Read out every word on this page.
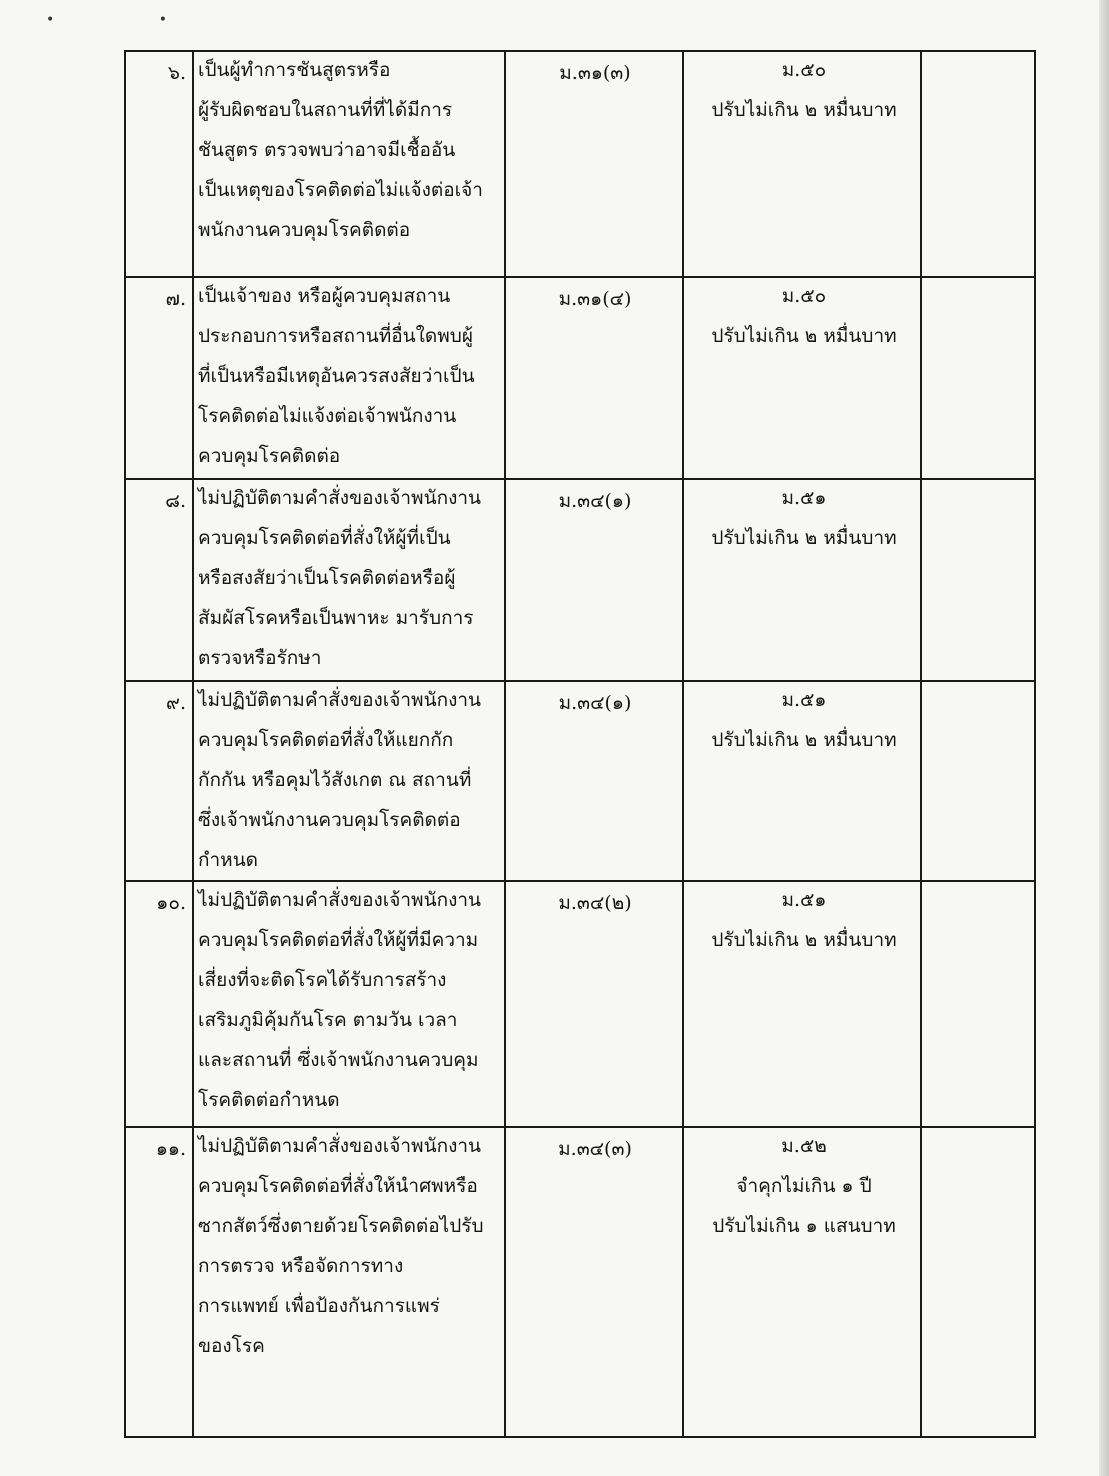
• •
๖. เป็นผู้ทำการชันสูตรหรือ
ผู้รับผิดชอบในสถานที่ที่ได้มีการ
ชันสูตร ตรวจพบว่าอาจมีเชื้ออัน
เป็นเหตุของโรคติดต่อไม่แจ้งต่อเจ้า
พนักงานควบคุมโรคติดต่อ
ม.๓๑(๓)	ม.๕๐
ปรับไม่เกิน ๒ หมื่นบาท
๗. เป็นเจ้าของ หรือผู้ควบคุมสถาน
ประกอบการหรือสถานที่อื่นใดพบผู้
ที่เป็นหรือมีเหตุอันควรสงสัยว่าเป็น
โรคติดต่อไม่แจ้งต่อเจ้าพนักงาน
ควบคุมโรคติดต่อ
ม.๓๑(๔)	ม.๕๐
ปรับไม่เกิน ๒ หมื่นบาท
๘. ไม่ปฏิบัติตามคำสั่งของเจ้าพนักงาน
ควบคุมโรคติดต่อที่สั่งให้ผู้ที่เป็น
หรือสงสัยว่าเป็นโรคติดต่อหรือผู้
สัมผัสโรคหรือเป็นพาหะ มารับการ
ตรวจหรือรักษา
ม.๓๔(๑)	ม.๕๑
ปรับไม่เกิน ๒ หมื่นบาท
๙. ไม่ปฏิบัติตามคำสั่งของเจ้าพนักงาน
ควบคุมโรคติดต่อที่สั่งให้แยกกัก
กักกัน หรือคุมไว้สังเกต ณ สถานที่
ซึ่งเจ้าพนักงานควบคุมโรคติดต่อ
กำหนด
ม.๓๔(๑)	ม.๕๑
ปรับไม่เกิน ๒ หมื่นบาท
๑๐. ไม่ปฏิบัติตามคำสั่งของเจ้าพนักงาน
ควบคุมโรคติดต่อที่สั่งให้ผู้ที่มีความ
เสี่ยงที่จะติดโรคได้รับการสร้าง
เสริมภูมิคุ้มกันโรค ตามวัน เวลา
และสถานที่ ซึ่งเจ้าพนักงานควบคุม
โรคติดต่อกำหนด
ม.๓๔(๒)	ม.๕๑
ปรับไม่เกิน ๒ หมื่นบาท
๑๑. ไม่ปฏิบัติตามคำสั่งของเจ้าพนักงาน
ควบคุมโรคติดต่อที่สั่งให้นำศพหรือ
ซากสัตว์ซึ่งตายด้วยโรคติดต่อไปรับ
การตรวจ หรือจัดการทาง
การแพทย์ เพื่อป้องกันการแพร่
ของโรค
ม.๓๔(๓)	ม.๕๒
จำคุกไม่เกิน ๑ ปี
ปรับไม่เกิน ๑ แสนบาท
